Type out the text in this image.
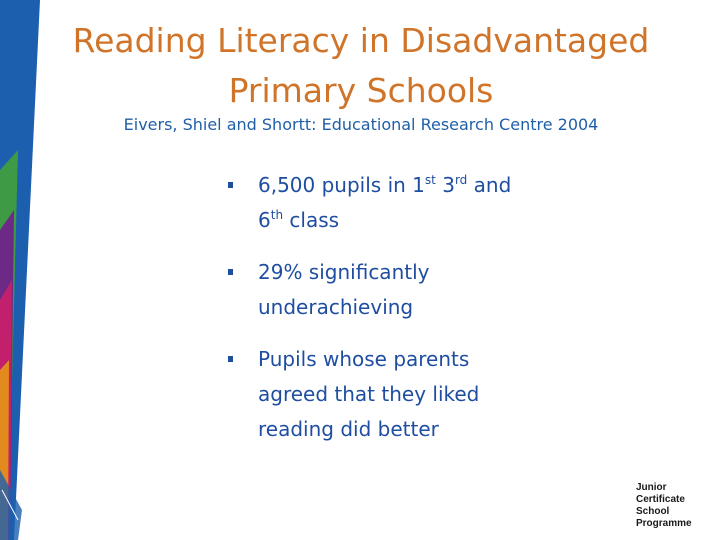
Reading Literacy in Disadvantaged
Primary Schools
Eivers, Shiel and Shortt: Educational Research Centre 2004
6,500 pupils in 1st 3rd and
6th class
29% significantly
underachieving
Pupils whose parents
agreed that they liked
reading did better
Junior
Certificate
School
Programme
